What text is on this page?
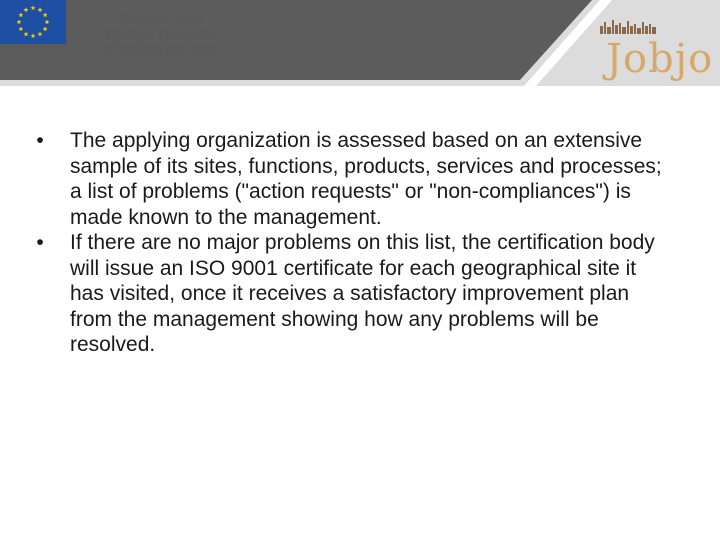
Co-funded by the
Erasmus+ Programme
of the European Union	Jobjo
•	The applying organization is assessed based on an extensive sample of its sites, functions, products, services and processes; a list of problems ("action requests" or "non-compliances") is made known to the management.
•	If there are no major problems on this list, the certification body will issue an ISO 9001 certificate for each geographical site it has visited, once it receives a satisfactory improvement plan from the management showing how any problems will be resolved.
